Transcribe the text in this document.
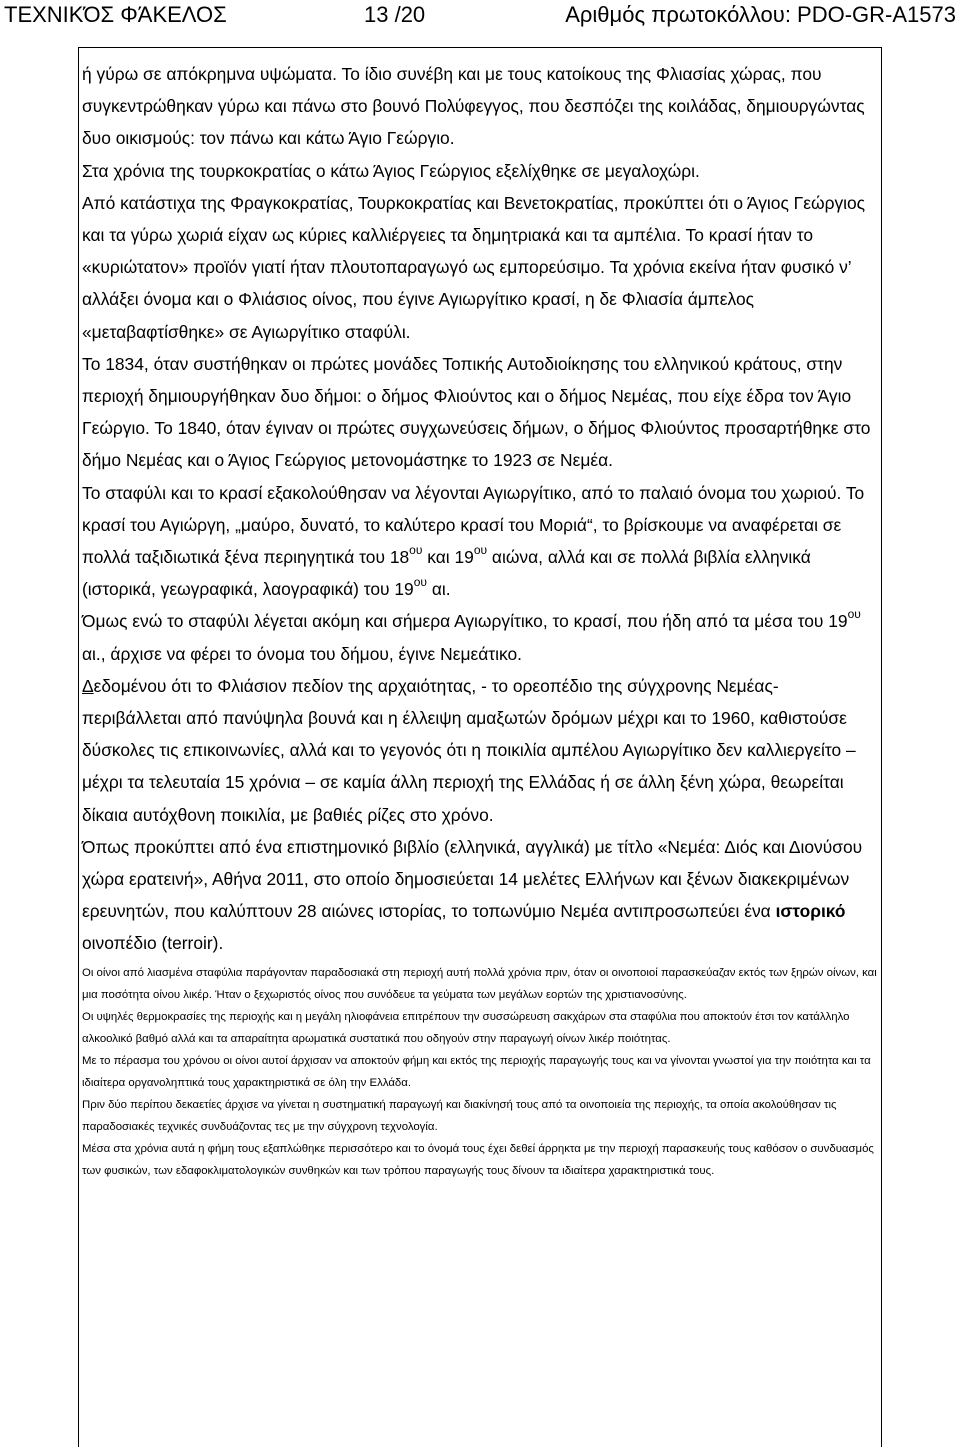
ΤΕΧΝΙΚΌΣ ΦΆΚΕΛΟΣ	13 /20	Αριθμός πρωτοκόλλου: PDO-GR-A1573

ή γύρω σε απόκρημνα υψώματα. Το ίδιο συνέβη και με τους κατοίκους της Φλιασίας χώρας, που συγκεντρώθηκαν γύρω και πάνω στο βουνό Πολύφεγγος, που δεσπόζει της κοιλάδας, δημιουργώντας δυο οικισμούς: τον πάνω και κάτω Άγιο Γεώργιο.

Στα χρόνια της τουρκοκρατίας ο κάτω Άγιος Γεώργιος εξελίχθηκε σε μεγαλοχώρι.

Από κατάστιχα της Φραγκοκρατίας, Τουρκοκρατίας και Βενετοκρατίας, προκύπτει ότι ο Άγιος Γεώργιος και τα γύρω χωριά είχαν ως κύριες καλλιέργειες τα δημητριακά και τα αμπέλια. Το κρασί ήταν το «κυριώτατον» προϊόν γιατί ήταν πλουτοπαραγωγό ως εμπορεύσιμο. Τα χρόνια εκείνα ήταν φυσικό ν’ αλλάξει όνομα και ο Φλιάσιος οίνος, που έγινε Αγιωργίτικο κρασί, η δε Φλιασία άμπελος «μεταβαφτίσθηκε» σε Αγιωργίτικο σταφύλι.

Το 1834, όταν συστήθηκαν οι πρώτες μονάδες Τοπικής Αυτοδιοίκησης του ελληνικού κράτους, στην περιοχή δημιουργήθηκαν δυο δήμοι: ο δήμος Φλιούντος και ο δήμος Νεμέας, που είχε έδρα τον Άγιο Γεώργιο. Το 1840, όταν έγιναν οι πρώτες συγχωνεύσεις δήμων, ο δήμος Φλιούντος προσαρτήθηκε στο δήμο Νεμέας και ο Άγιος Γεώργιος μετονομάστηκε το 1923 σε Νεμέα.

Το σταφύλι και το κρασί εξακολούθησαν να λέγονται Αγιωργίτικο, από το παλαιό όνομα του χωριού. Το κρασί του Αγιώργη, „μαύρο, δυνατό, το καλύτερο κρασί του Μοριά“, το βρίσκουμε να αναφέρεται σε πολλά ταξιδιωτικά ξένα περιηγητικά του $18^{o\upsilon}$ και $19^{o\upsilon}$ αιώνα, αλλά και σε πολλά βιβλία ελληνικά (ιστορικά, γεωγραφικά, λαογραφικά) του $19^{o\upsilon}$ αι.

Όμως ενώ το σταφύλι λέγεται ακόμη και σήμερα Αγιωργίτικο, το κρασί, που ήδη από τα μέσα του $19^{o\upsilon}$ αι., άρχισε να φέρει το όνομα του δήμου, έγινε Νεμεάτικο.

Δεδομένου ότι το Φλιάσιον πεδίον της αρχαιότητας, - το ορεοπέδιο της σύγχρονης Νεμέας- περιβάλλεται από πανύψηλα βουνά και η έλλειψη αμαξωτών δρόμων μέχρι και το 1960, καθιστούσε δύσκολες τις επικοινωνίες, αλλά και το γεγονός ότι η ποικιλία αμπέλου Αγιωργίτικο δεν καλλιεργείτο – μέχρι τα τελευταία 15 χρόνια – σε καμία άλλη περιοχή της Ελλάδας ή σε άλλη ξένη χώρα, θεωρείται δίκαια αυτόχθονη ποικιλία, με βαθιές ρίζες στο χρόνο.

Όπως προκύπτει από ένα επιστημονικό βιβλίο (ελληνικά, αγγλικά) με τίτλο «Νεμέα: Διός και Διονύσου χώρα ερατεινή», Αθήνα 2011, στο οποίο δημοσιεύεται 14 μελέτες Ελλήνων και ξένων διακεκριμένων ερευνητών, που καλύπτουν 28 αιώνες ιστορίας, το τοπωνύμιο Νεμέα αντιπροσωπεύει ένα ιστορικό οινοπέδιο (terroir).

Οι οίνοι από λιασμένα σταφύλια παράγονταν παραδοσιακά στη περιοχή αυτή πολλά χρόνια πριν, όταν οι οινοποιοί παρασκεύαζαν εκτός των ξηρών οίνων, και μια ποσότητα οίνου λικέρ. Ήταν ο ξεχωριστός οίνος που συνόδευε τα γεύματα των μεγάλων εορτών της χριστιανοσύνης.

Οι υψηλές θερμοκρασίες της περιοχής και η μεγάλη ηλιοφάνεια επιτρέπουν την συσσώρευση σακχάρων στα σταφύλια που αποκτούν έτσι τον κατάλληλο αλκοολικό βαθμό αλλά και τα απαραίτητα αρωματικά συστατικά που οδηγούν στην παραγωγή οίνων λικέρ ποιότητας.

Με το πέρασμα του χρόνου οι οίνοι αυτοί άρχισαν να αποκτούν φήμη και εκτός της περιοχής παραγωγής τους και να γίνονται γνωστοί για την ποιότητα και τα ιδιαίτερα οργανοληπτικά τους χαρακτηριστικά σε όλη την Ελλάδα.

Πριν δύο περίπου δεκαετίες άρχισε να γίνεται η συστηματική παραγωγή και διακίνησή τους από τα οινοποιεία της περιοχής, τα οποία ακολούθησαν τις παραδοσιακές τεχνικές συνδυάζοντας τες με την σύγχρονη τεχνολογία.

Μέσα στα χρόνια αυτά η φήμη τους εξαπλώθηκε περισσότερο και το όνομά τους έχει δεθεί άρρηκτα με την περιοχή παρασκευής τους καθόσον ο συνδυασμός των φυσικών, των εδαφοκλιματολογικών συνθηκών και των τρόπου παραγωγής τους δίνουν τα ιδιαίτερα χαρακτηριστικά τους.
